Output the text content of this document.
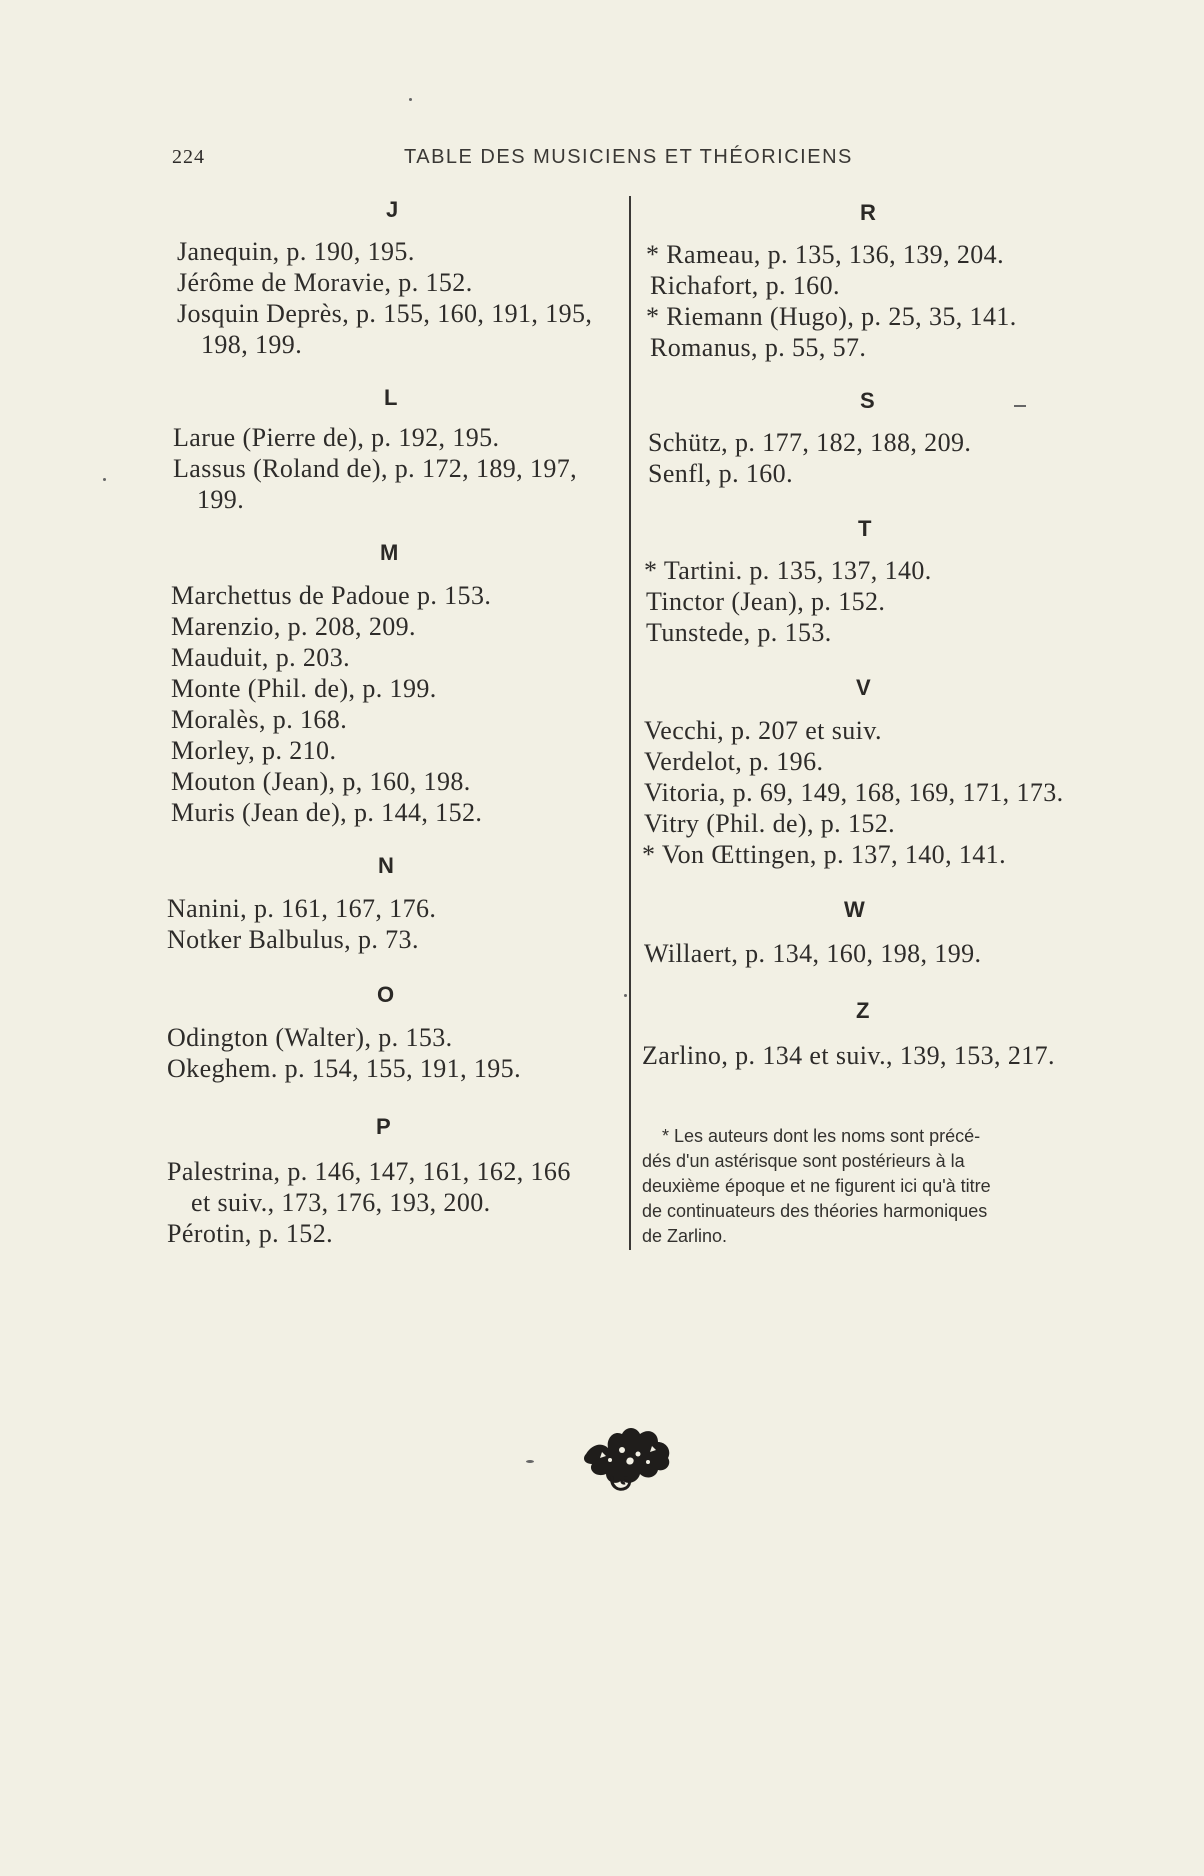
224	TABLE DES MUSICIENS ET THÉORICIENS
J
Janequin, p. 190, 195.
Jérôme de Moravie, p. 152.
Josquin Deprès, p. 155, 160, 191, 195,
198, 199.
L
Larue (Pierre de), p. 192, 195.
Lassus (Roland de), p. 172, 189, 197,
199.
M
Marchettus de Padoue p. 153.
Marenzio, p. 208, 209.
Mauduit, p. 203.
Monte (Phil. de), p. 199.
Moralès, p. 168.
Morley, p. 210.
Mouton (Jean), p, 160, 198.
Muris (Jean de), p. 144, 152.
N
Nanini, p. 161, 167, 176.
Notker Balbulus, p. 73.
O
Odington (Walter), p. 153.
Okeghem. p. 154, 155, 191, 195.
P
Palestrina, p. 146, 147, 161, 162, 166
et suiv., 173, 176, 193, 200.
Pérotin, p. 152.
R
* Rameau, p. 135, 136, 139, 204.
Richafort, p. 160.
* Riemann (Hugo), p. 25, 35, 141.
Romanus, p. 55, 57.
S
Schütz, p. 177, 182, 188, 209.
Senfl, p. 160.
T
* Tartini. p. 135, 137, 140.
Tinctor (Jean), p. 152.
Tunstede, p. 153.
V
Vecchi, p. 207 et suiv.
Verdelot, p. 196.
Vitoria, p. 69, 149, 168, 169, 171, 173.
Vitry (Phil. de), p. 152.
* Von Œttingen, p. 137, 140, 141.
W
Willaert, p. 134, 160, 198, 199.
Z
Zarlino, p. 134 et suiv., 139, 153, 217.
* Les auteurs dont les noms sont précé-
dés d'un astérisque sont postérieurs à la
deuxième époque et ne figurent ici qu'à titre
de continuateurs des théories harmoniques
de Zarlino.
